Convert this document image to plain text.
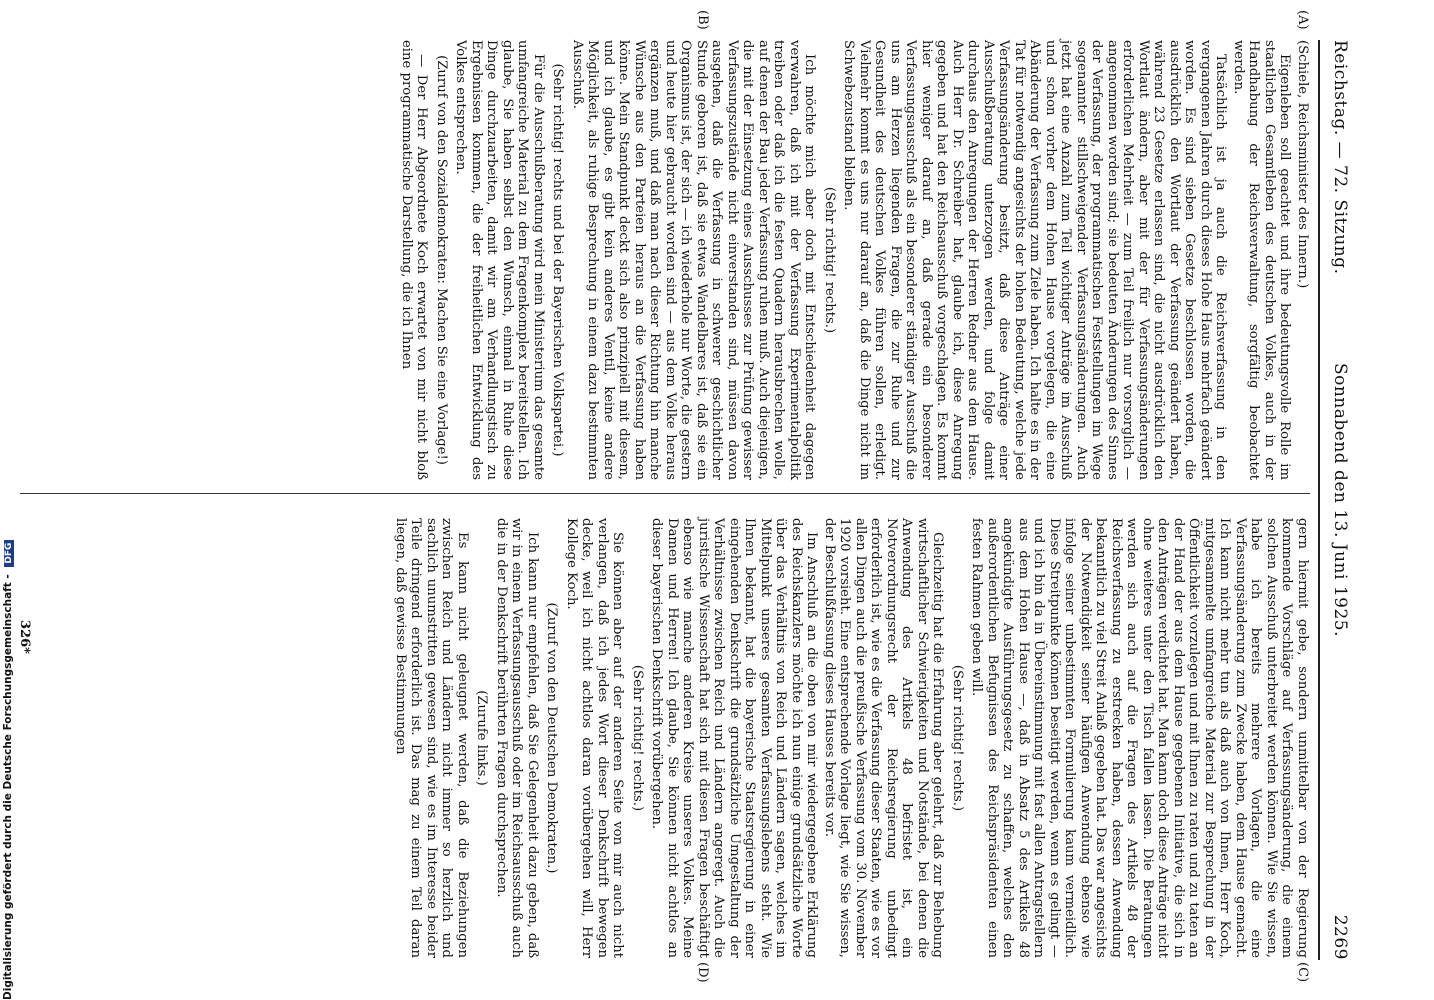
Reichstag. — 72. Sitzung.
Sonnabend den 13. Juni 1925.
2269
(A)
(B)
(C)
(D)

(Schiele, Reichsminister des Innern.)

Eigenleben soll geachtet und ihre bedeutungsvolle Rolle im staatlichen Gesamtleben des deutschen Volkes, auch in der Handhabung der Reichsverwaltung, sorgfältig beobachtet werden.

Tatsächlich ist ja auch die Reichsverfassung in den vergangenen Jahren durch dieses Hohe Haus mehrfach geändert worden. Es sind sieben Gesetze beschlossen worden, die ausdrücklich den Wortlaut der Verfassung geändert haben, während 23 Gesetze erlassen sind, die nicht ausdrücklich den Wortlaut ändern, aber mit der für Verfassungsänderungen erforderlichen Mehrheit — zum Teil freilich nur vorsorglich — angenommen worden sind; sie bedeuten Änderungen des Sinnes der Verfassung, der programmatischen Feststellungen im Wege sogenannter stillschweigender Verfassungsänderungen. Auch jetzt hat eine Anzahl zum Teil wichtiger Anträge im Ausschuß und schon vorher dem Hohen Hause vorgelegen, die eine Abänderung der Verfassung zum Ziele haben. Ich halte es in der Tat für notwendig angesichts der hohen Bedeutung, welche jede Verfassungsänderung besitzt, daß diese Anträge einer Ausschußberatung unterzogen werden, und folge damit durchaus den Anregungen der Herren Redner aus dem Hause. Auch Herr Dr. Schreiber hat, glaube ich, diese Anregung gegeben und hat den Reichsausschuß vorgeschlagen. Es kommt hier weniger darauf an, daß gerade ein besonderer Verfassungsausschuß als ein besonderer ständiger Ausschuß die uns am Herzen liegenden Fragen, die zur Ruhe und zur Gesundheit des deutschen Volkes führen sollen, erledigt. Vielmehr kommt es uns nur darauf an, daß die Dinge nicht im Schwebezustand bleiben.

(Sehr richtig! rechts.)

Ich möchte mich aber doch mit Entschiedenheit dagegen verwahren, daß ich mit der Verfassung Experimentalpolitik treiben oder daß ich die festen Quadern herausbrechen wolle, auf denen der Bau jeder Verfassung ruhen muß. Auch diejenigen, die mit der Einsetzung eines Ausschusses zur Prüfung gewisser Verfassungszustände nicht einverstanden sind, müssen davon ausgehen, daß die Verfassung in schwerer geschichtlicher Stunde geboren ist, daß sie etwas Wandelbares ist, daß sie ein Organismus ist, der sich — ich wiederhole nur Worte, die gestern und heute hier gebraucht worden sind — aus dem Volke heraus ergänzen muß, und daß man nach dieser Richtung hin manche Wünsche aus den Parteien heraus an die Verfassung haben könne. Mein Standpunkt deckt sich also prinzipiell mit diesem, und ich glaube, es gibt kein anderes Ventil, keine andere Möglichkeit, als ruhige Besprechung in einem dazu bestimmten Ausschuß.

(Sehr richtig! rechts und bei der Bayerischen Volkspartei.)

Für die Ausschußberatung wird mein Ministerium das gesamte umfangreiche Material zu dem Fragenkomplex bereitstellen. Ich glaube, Sie haben selbst den Wunsch, einmal in Ruhe diese Dinge durchzuarbeiten, damit wir am Verhandlungstisch zu Ergebnissen kommen, die der freiheitlichen Entwicklung des Volkes entsprechen.

(Zuruf von den Sozialdemokraten: Machen Sie eine Vorlage!)

— Der Herr Abgeordnete Koch erwartet von mir nicht bloß eine programmatische Darstellung, die ich Ihnen

gern hiermit gebe, sondern unmittelbar von der Regierung kommende Vorschläge auf Verfassungsänderung, die einem solchen Ausschuß unterbreitet werden können. Wie Sie wissen, habe ich bereits mehrere Vorlagen, die eine Verfassungsänderung zum Zwecke haben, dem Hause gemacht. Ich kann nicht mehr tun als daß auch von Ihnen, Herr Koch, mitgesammelte umfangreiche Material zur Besprechung in der Öffentlichkeit vorzulegen und mit Ihnen zu raten und zu taten an der Hand der aus dem Hause gegebenen Initiative, die sich in den Anträgen verdichtet hat. Man kann doch diese Anträge nicht ohne weiteres unter den Tisch fallen lassen. Die Beratungen werden sich auch auf die Fragen des Artikels 48 der Reichsverfassung zu erstrecken haben, dessen Anwendung bekanntlich zu viel Streit Anlaß gegeben hat. Das war angesichts der Notwendigkeit seiner häufigen Anwendung ebenso wie infolge seiner unbestimmten Formulierung kaum vermeidlich. Diese Streitpunkte können beseitigt werden, wenn es gelingt — und ich bin da in Übereinstimmung mit fast allen Antragstellern aus dem Hohen Hause —, daß in Absatz 5 des Artikels 48 angekündigte Ausführungsgesetz zu schaffen, welches den außerordentlichen Befugnissen des Reichspräsidenten einen festen Rahmen geben will.

(Sehr richtig! rechts.)

Gleichzeitig hat die Erfahrung aber gelehrt, daß zur Behebung wirtschaftlicher Schwierigkeiten und Notstände, bei denen die Anwendung des Artikels 48 befristet ist, ein Notverordnungsrecht der Reichsregierung unbedingt erforderlich ist, wie es die Verfassung dieser Staaten, wie es vor allen Dingen auch die preußische Verfassung vom 30. November 1920 vorsieht. Eine entsprechende Vorlage liegt, wie Sie wissen, der Beschlußfassung dieses Hauses bereits vor.

Im Anschluß an die oben von mir wiedergegebene Erklärung des Reichskanzlers möchte ich nun einige grundsätzliche Worte über das Verhältnis von Reich und Ländern sagen, welches im Mittelpunkt unseres gesamten Verfassungslebens steht. Wie Ihnen bekannt, hat die bayerische Staatsregierung in einer eingehenden Denkschrift die grundsätzliche Umgestaltung der Verhältnisse zwischen Reich und Ländern angeregt. Auch die juristische Wissenschaft hat sich mit diesen Fragen beschäftigt ebenso wie manche anderen Kreise unseres Volkes. Meine Damen und Herren! Ich glaube, Sie können nicht achtlos an dieser bayerischen Denkschrift vorübergehen.

(Sehr richtig! rechts.)

Sie können aber auf der anderen Seite von mir auch nicht verlangen, daß ich jedes Wort dieser Denkschrift bewegen decke, weil ich nicht achtlos daran vorübergehen will, Herr Kollege Koch.

(Zuruf von den Deutschen Demokraten.)

Ich kann nur empfehlen, daß Sie Gelegenheit dazu geben, daß wir in einem Verfassungsausschuß oder im Reichsausschuß auch die in der Denkschrift berührten Fragen durchsprechen.

(Zurufe links.)

Es kann nicht geleugnet werden, daß die Beziehungen zwischen Reich und Ländern nicht immer so herzlich und sachlich unumstritten gewesen sind, wie es im Interesse beider Teile dringend erforderlich ist. Das mag zu einem Teil daran liegen, daß gewisse Bestimmungen

326*
Digitalisierung gefördert durch die Deutsche Forschungsgemeinschaft - DFG
